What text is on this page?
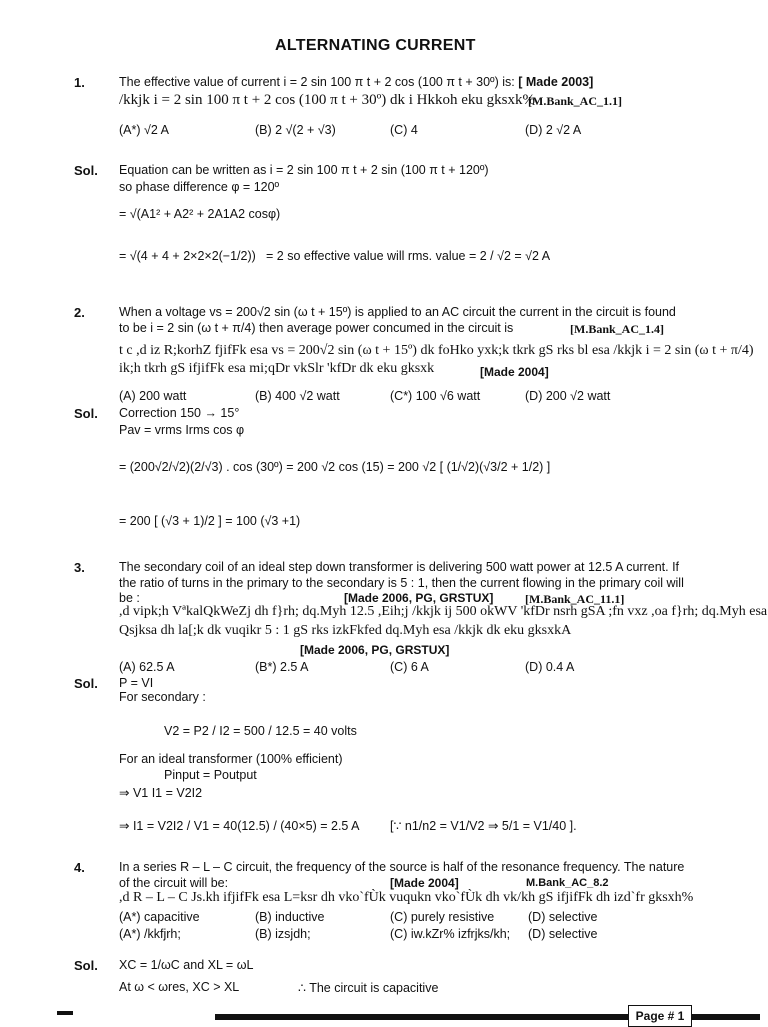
ALTERNATING CURRENT
1.	The effective value of current i = 2 sin 100 π t + 2 cos (100 π t + 30º) is: [ Made 2003]
/kkjk i = 2 sin 100 π t + 2 cos (100 π t + 30º) dk i Hkkoh eku gksxk%
[M.Bank_AC_1.1]
(A*) √2 A	(B) 2 √(2 + √3)	(C) 4	(D) 2 √2 A
Sol. Equation can be written as i = 2 sin 100 π t + 2 sin (100 π t + 120º)
so phase difference φ = 120º
= √(A1² + A2² + 2A1A2 cosφ)
= √(4 + 4 + 2×2×2(−1/2)) = 2 so effective value will rms. value = 2 / √2 = √2 A
2.	When a voltage vs = 200√2 sin (ω t + 15º) is applied to an AC circuit the current in the circuit is found
to be i = 2 sin (ω t + π/4) then average power concumed in the circuit is	[M.Bank_AC_1.4]
t c ,d iz R;korhZ fjifFk esa vs = 200√2 sin (ω t + 15º) dk foHko yxk;k tkrk gS rks bl esa /kkjk i = 2 sin (ω t + π/4)
ik;h tkrh gS ifjifFk esa mi;qDr vkSlr 'kfDr dk eku gksxk	[Made 2004]
(A) 200 watt	(B) 400 √2 watt	(C*) 100 √6 watt	(D) 200 √2 watt
Sol. Correction 150 → 15°
Pav = vrms Irms cos φ
= (200√2/√2)(2/√3) . cos (30º) = 200 √2 cos (15) = 200 √2 [ (1/√2)(√3/2 + 1/2) ]
= 200 [ (√3 + 1)/2 ] = 100 (√3 +1)
3.	The secondary coil of an ideal step down transformer is delivering 500 watt power at 12.5 A current. If
the ratio of turns in the primary to the secondary is 5 : 1, then the current flowing in the primary coil will
be :	[Made 2006, PG, GRSTUX]	[M.Bank_AC_11.1]
,d vipk;h VªkalQkWeZj dh f}rh; dq.Myh 12.5 ,Eih;j /kkjk ij 500 okWV 'kfDr nsrh gSA ;fn vxz ,oa f}rh; dq.Myh esa
Qsjksa dh la[;k dk vuqikr 5 : 1 gS rks izkFkfed dq.Myh esa /kkjk dk eku gksxkA
[Made 2006, PG, GRSTUX]
(A) 62.5 A	(B*) 2.5 A	(C) 6 A	(D) 0.4 A
Sol. P = VI
For secondary :
V2 = P2 / I2 = 500 / 12.5 = 40 volts
For an ideal transformer (100% efficient)
Pinput = Poutput
⇒ V1 I1 = V2I2
⇒ I1 = V2I2 / V1 = 40(12.5) / (40×5) = 2.5 A [∵ n1/n2 = V1/V2 ⇒ 5/1 = V1/40 ].
4.	In a series R – L – C circuit, the frequency of the source is half of the resonance frequency. The nature
of the circuit will be:	[Made 2004]	M.Bank_AC_8.2
,d R – L – C Js.kh ifjifFk esa L=ksr dh vko`fÙk vuqukn vko`fÙk dh vk/kh gS ifjifFk dh izd`fr gksxh%
(A*) capacitive	(B) inductive	(C) purely resistive	(D) selective
(A*) /kkfjrh;	(B) izsjdh;	(C) iw.kZr% izfrjks/kh; (D) selective
Sol. XC = 1/ωC and XL = ωL
At ω < ωres, XC > XL	∴ The circuit is capacitive
Page # 1
